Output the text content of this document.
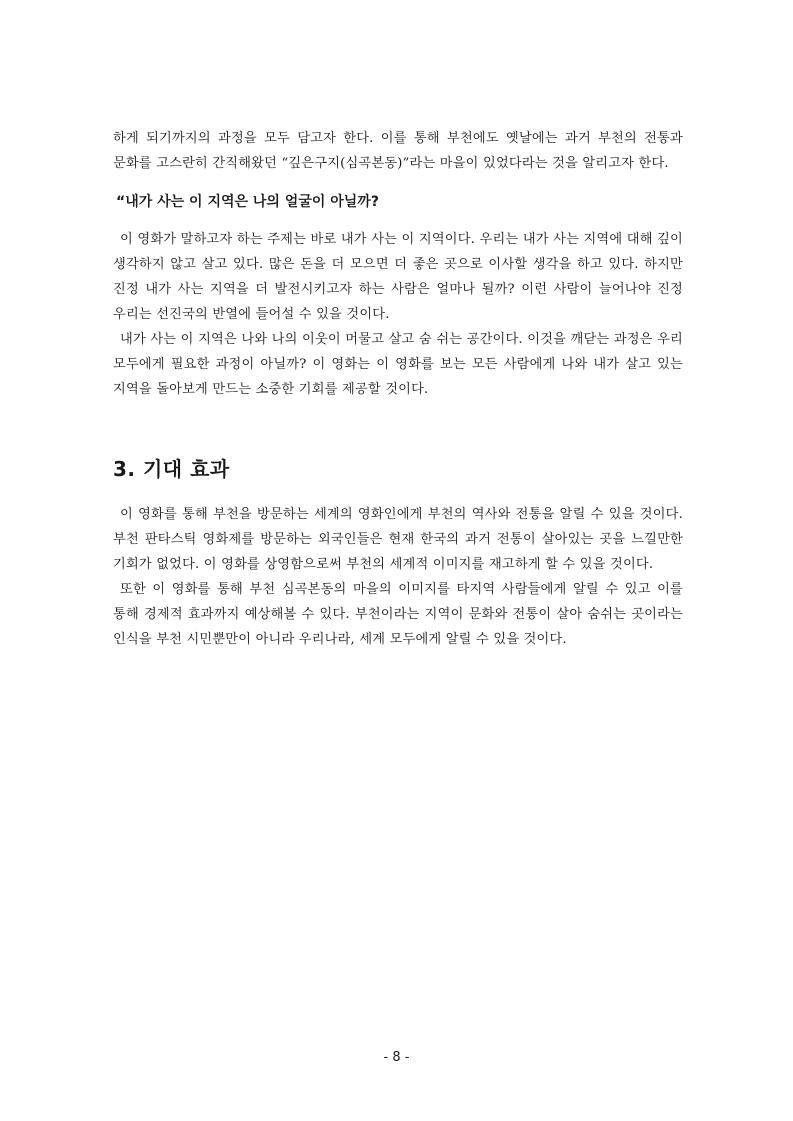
하게 되기까지의 과정을 모두 담고자 한다. 이를 통해 부천에도 옛날에는 과거 부천의 전통과 문화를 고스란히 간직해왔던 “깊은구지(심곡본동)”라는 마을이 있었다라는 것을 알리고자 한다.

“내가 사는 이 지역은 나의 얼굴이 아닐까?

이 영화가 말하고자 하는 주제는 바로 내가 사는 이 지역이다. 우리는 내가 사는 지역에 대해 깊이 생각하지 않고 살고 있다. 많은 돈을 더 모으면 더 좋은 곳으로 이사할 생각을 하고 있다. 하지만 진정 내가 사는 지역을 더 발전시키고자 하는 사람은 얼마나 될까? 이런 사람이 늘어나야 진정 우리는 선진국의 반열에 들어설 수 있을 것이다.

내가 사는 이 지역은 나와 나의 이웃이 머물고 살고 숨 쉬는 공간이다. 이것을 깨닫는 과정은 우리 모두에게 필요한 과정이 아닐까? 이 영화는 이 영화를 보는 모든 사람에게 나와 내가 살고 있는 지역을 돌아보게 만드는 소중한 기회를 제공할 것이다.

3. 기대 효과

이 영화를 통해 부천을 방문하는 세계의 영화인에게 부천의 역사와 전통을 알릴 수 있을 것이다. 부천 판타스틱 영화제를 방문하는 외국인들은 현재 한국의 과거 전통이 살아있는 곳을 느낄만한 기회가 없었다. 이 영화를 상영함으로써 부천의 세계적 이미지를 재고하게 할 수 있을 것이다.

또한 이 영화를 통해 부천 심곡본동의 마을의 이미지를 타지역 사람들에게 알릴 수 있고 이를 통해 경제적 효과까지 예상해볼 수 있다. 부천이라는 지역이 문화와 전통이 살아 숨쉬는 곳이라는 인식을 부천 시민뿐만이 아니라 우리나라, 세계 모두에게 알릴 수 있을 것이다.

- 8 -
